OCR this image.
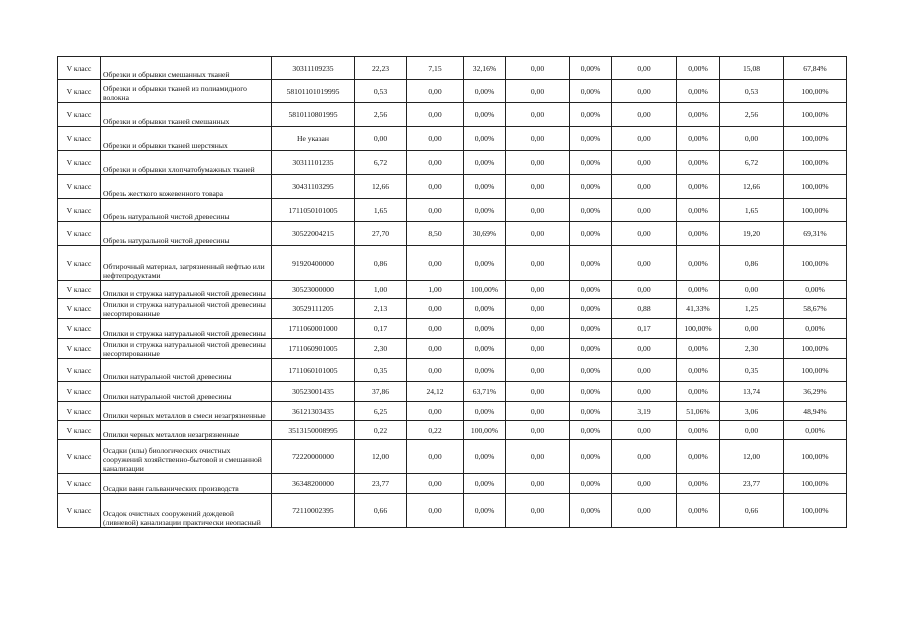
V класс	Обрезки и обрывки смешанных тканей	30311109235	22,23	7,15	32,16%	0,00	0,00%	0,00	0,00%	15,08	67,84%
V класс	Обрезки и обрывки тканей из полиамидного волокна	58101101019995	0,53	0,00	0,00%	0,00	0,00%	0,00	0,00%	0,53	100,00%
V класс	Обрезки и обрывки тканей смешанных	5810110801995	2,56	0,00	0,00%	0,00	0,00%	0,00	0,00%	2,56	100,00%
V класс	Обрезки и обрывки тканей шерстяных	Не указан	0,00	0,00	0,00%	0,00	0,00%	0,00	0,00%	0,00	100,00%
V класс	Обрезки и обрывки хлопчатобумажных тканей	30311101235	6,72	0,00	0,00%	0,00	0,00%	0,00	0,00%	6,72	100,00%
V класс	Обрезь жесткого кожевенного товара	30431103295	12,66	0,00	0,00%	0,00	0,00%	0,00	0,00%	12,66	100,00%
V класс	Обрезь натуральной чистой древесины	1711050101005	1,65	0,00	0,00%	0,00	0,00%	0,00	0,00%	1,65	100,00%
V класс	Обрезь натуральной чистой древесины	30522004215	27,70	8,50	30,69%	0,00	0,00%	0,00	0,00%	19,20	69,31%
V класс	Обтирочный материал, загрязненный нефтью или нефтепродуктами	91920400000	0,86	0,00	0,00%	0,00	0,00%	0,00	0,00%	0,86	100,00%
V класс	Опилки и стружка натуральной чистой древесины	30523000000	1,00	1,00	100,00%	0,00	0,00%	0,00	0,00%	0,00	0,00%
V класс	Опилки и стружка натуральной чистой древесины несортированные	30529111205	2,13	0,00	0,00%	0,00	0,00%	0,88	41,33%	1,25	58,67%
V класс	Опилки и стружка натуральной чистой древесины	1711060001000	0,17	0,00	0,00%	0,00	0,00%	0,17	100,00%	0,00	0,00%
V класс	Опилки и стружка натуральной чистой древесины несортированные	1711060901005	2,30	0,00	0,00%	0,00	0,00%	0,00	0,00%	2,30	100,00%
V класс	Опилки натуральной чистой древесины	1711060101005	0,35	0,00	0,00%	0,00	0,00%	0,00	0,00%	0,35	100,00%
V класс	Опилки натуральной чистой древесины	30523001435	37,86	24,12	63,71%	0,00	0,00%	0,00	0,00%	13,74	36,29%
V класс	Опилки черных металлов в смеси незагрязненные	36121303435	6,25	0,00	0,00%	0,00	0,00%	3,19	51,06%	3,06	48,94%
V класс	Опилки черных металлов незагрязненные	3513150008995	0,22	0,22	100,00%	0,00	0,00%	0,00	0,00%	0,00	0,00%
V класс	Осадки (илы) биологических очистных сооружений хозяйственно-бытовой и смешанной канализации	72220000000	12,00	0,00	0,00%	0,00	0,00%	0,00	0,00%	12,00	100,00%
V класс	Осадки ванн гальванических производств	36348200000	23,77	0,00	0,00%	0,00	0,00%	0,00	0,00%	23,77	100,00%
V класс	Осадок очистных сооружений дождевой (ливневой) канализации практически неопасный	72110002395	0,66	0,00	0,00%	0,00	0,00%	0,00	0,00%	0,66	100,00%
